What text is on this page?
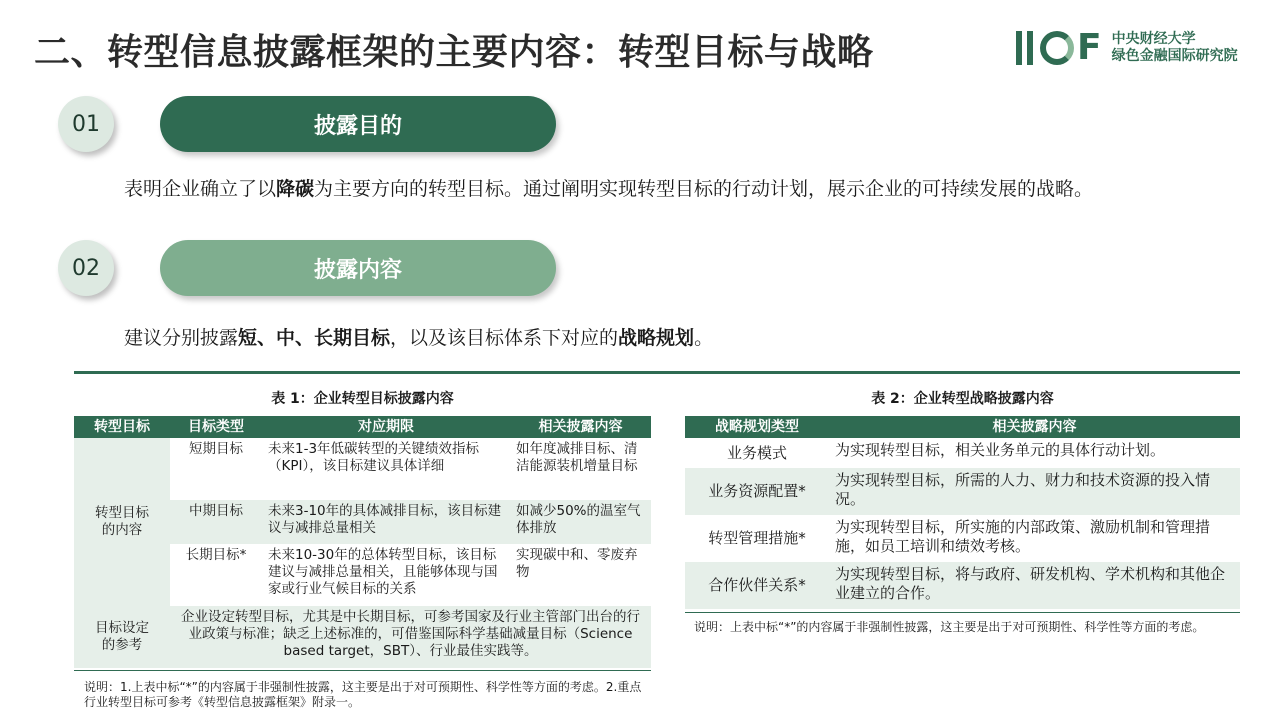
二、转型信息披露框架的主要内容：转型目标与战略	F 中央财经大学
绿色金融国际研究院
01	披露目的
表明企业确立了以降碳为主要方向的转型目标。通过阐明实现转型目标的行动计划，展示企业的可持续发展的战略。
02	披露内容
建议分别披露短、中、长期目标，以及该目标体系下对应的战略规划。
表 1：企业转型目标披露内容
转型目标	目标类型	对应期限	相关披露内容
转型目标
的内容	短期目标	未来1-3年低碳转型的关键绩效指标（KPI），该目标建议具体详细	如年度减排目标、清洁能源装机增量目标
	中期目标	未来3-10年的具体减排目标，该目标建议与减排总量相关	如减少50%的温室气体排放
	长期目标*	未来10-30年的总体转型目标，该目标建议与减排总量相关，且能够体现与国家或行业气候目标的关系	实现碳中和、零废弃物
目标设定
的参考	企业设定转型目标，尤其是中长期目标，可参考国家及行业主管部门出台的行业政策与标准；缺乏上述标准的，可借鉴国际科学基础减量目标（Science based target，SBT）、行业最佳实践等。		
说明：1.上表中标“*”的内容属于非强制性披露，这主要是出于对可预期性、科学性等方面的考虑。2.重点行业转型目标可参考《转型信息披露框架》附录一。
表 2：企业转型战略披露内容
战略规划类型	相关披露内容
业务模式	为实现转型目标，相关业务单元的具体行动计划。
业务资源配置*	为实现转型目标，所需的人力、财力和技术资源的投入情况。
转型管理措施*	为实现转型目标，所实施的内部政策、激励机制和管理措施，如员工培训和绩效考核。
合作伙伴关系*	为实现转型目标，将与政府、研发机构、学术机构和其他企业建立的合作。
说明：上表中标“*”的内容属于非强制性披露，这主要是出于对可预期性、科学性等方面的考虑。
